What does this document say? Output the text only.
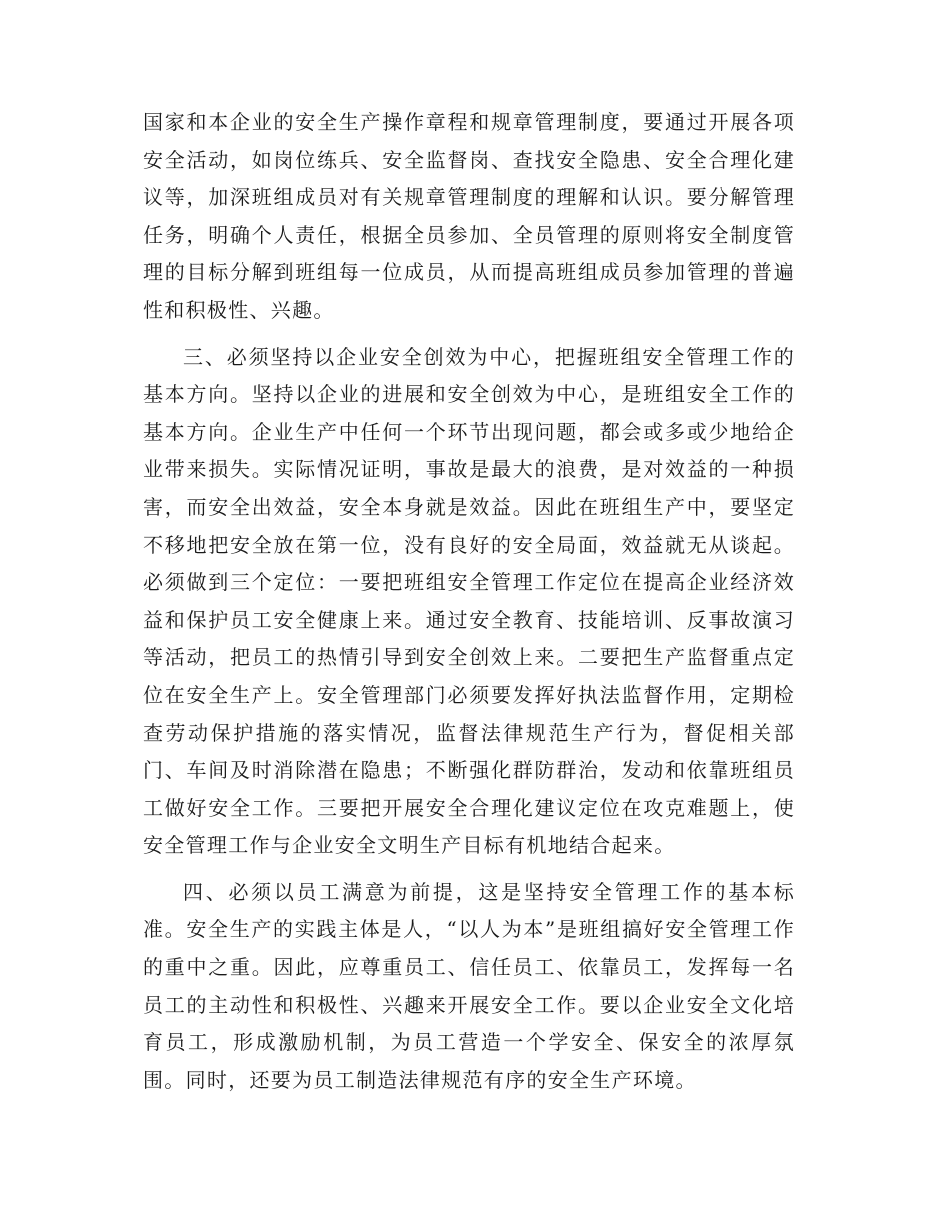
国家和本企业的安全生产操作章程和规章管理制度，要通过开展各项安全活动，如岗位练兵、安全监督岗、查找安全隐患、安全合理化建议等，加深班组成员对有关规章管理制度的理解和认识。要分解管理任务，明确个人责任，根据全员参加、全员管理的原则将安全制度管理的目标分解到班组每一位成员，从而提高班组成员参加管理的普遍性和积极性、兴趣。

三、必须坚持以企业安全创效为中心，把握班组安全管理工作的基本方向。坚持以企业的进展和安全创效为中心，是班组安全工作的基本方向。企业生产中任何一个环节出现问题，都会或多或少地给企业带来损失。实际情况证明，事故是最大的浪费，是对效益的一种损害，而安全出效益，安全本身就是效益。因此在班组生产中，要坚定不移地把安全放在第一位，没有良好的安全局面，效益就无从谈起。必须做到三个定位：一要把班组安全管理工作定位在提高企业经济效益和保护员工安全健康上来。通过安全教育、技能培训、反事故演习等活动，把员工的热情引导到安全创效上来。二要把生产监督重点定位在安全生产上。安全管理部门必须要发挥好执法监督作用，定期检查劳动保护措施的落实情况，监督法律规范生产行为，督促相关部门、车间及时消除潜在隐患；不断强化群防群治，发动和依靠班组员工做好安全工作。三要把开展安全合理化建议定位在攻克难题上，使安全管理工作与企业安全文明生产目标有机地结合起来。

四、必须以员工满意为前提，这是坚持安全管理工作的基本标准。安全生产的实践主体是人，“以人为本”是班组搞好安全管理工作的重中之重。因此，应尊重员工、信任员工、依靠员工，发挥每一名员工的主动性和积极性、兴趣来开展安全工作。要以企业安全文化培育员工，形成激励机制，为员工营造一个学安全、保安全的浓厚氛围。同时，还要为员工制造法律规范有序的安全生产环境。
